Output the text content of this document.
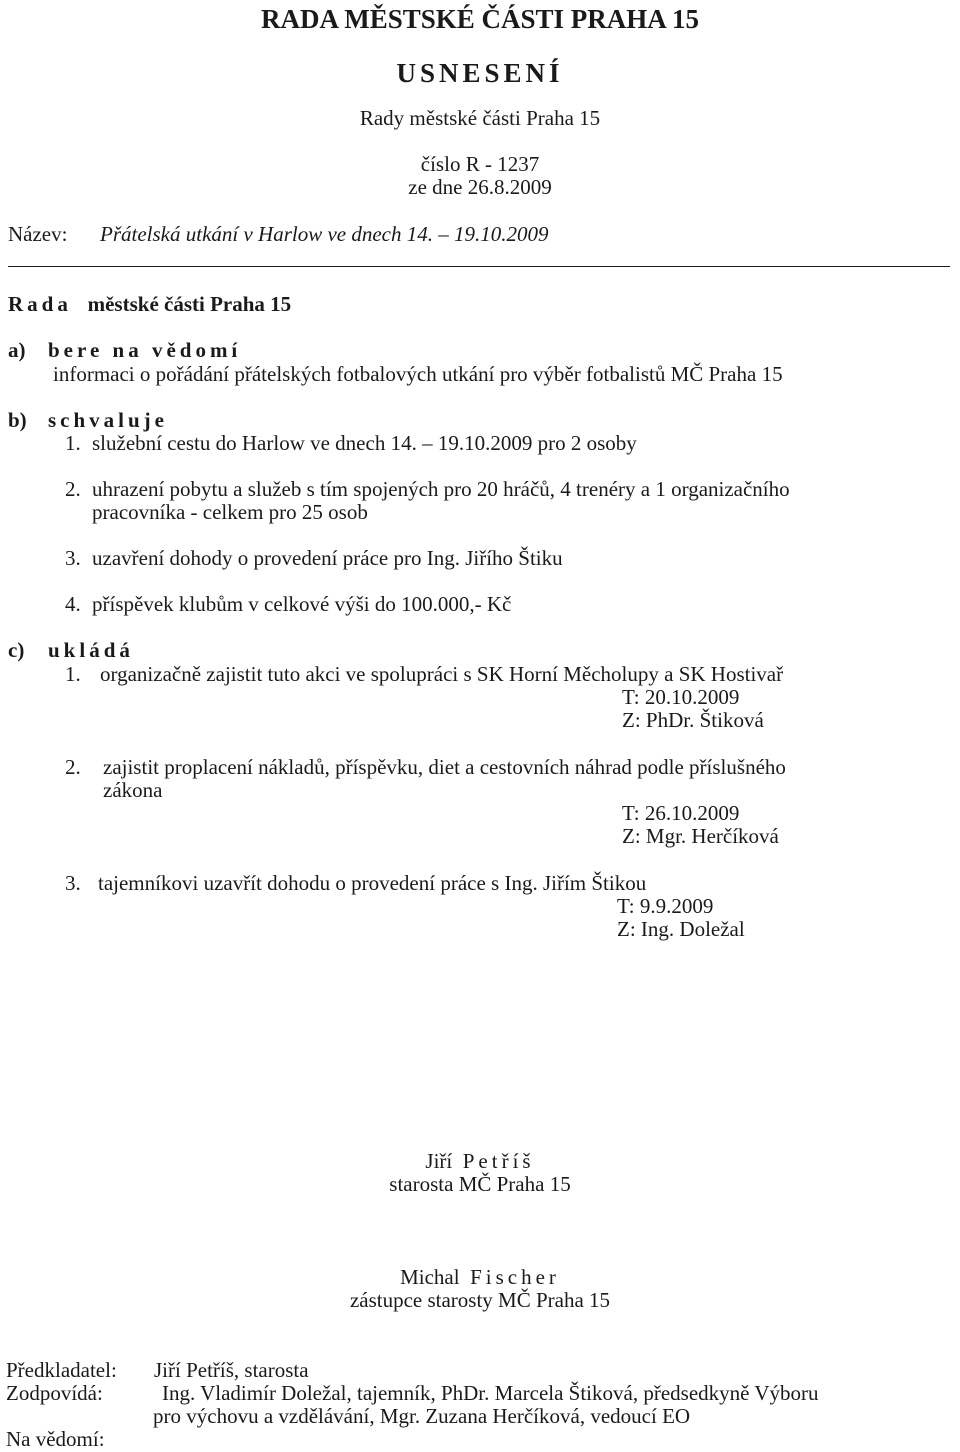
RADA MĚSTSKÉ ČÁSTI PRAHA 15
USNESENÍ
Rady městské části Praha 15
číslo R - 1237
ze dne 26.8.2009
Název: Přátelská utkání v Harlow ve dnech 14. – 19.10.2009
Rada městské části Praha 15
a) bere na vědomí
informaci o pořádání přátelských fotbalových utkání pro výběr fotbalistů MČ Praha 15
b) schvaluje
1. služební cestu do Harlow ve dnech 14. – 19.10.2009 pro 2 osoby
2. uhrazení pobytu a služeb s tím spojených pro 20 hráčů, 4 trenéry a 1 organizačního
pracovníka - celkem pro 25 osob
3. uzavření dohody o provedení práce pro Ing. Jiřího Štiku
4. příspěvek klubům v celkové výši do 100.000,- Kč
c) ukládá
1. organizačně zajistit tuto akci ve spolupráci s SK Horní Měcholupy a SK Hostivař
T: 20.10.2009
Z: PhDr. Štiková
2. zajistit proplacení nákladů, příspěvku, diet a cestovních náhrad podle příslušného
zákona
T: 26.10.2009
Z: Mgr. Herčíková
3. tajemníkovi uzavřít dohodu o provedení práce s Ing. Jiřím Štikou
T: 9.9.2009
Z: Ing. Doležal
Jiří Petříš
starosta MČ Praha 15
Michal Fischer
zástupce starosty MČ Praha 15
Předkladatel: Jiří Petříš, starosta
Zodpovídá:	Ing. Vladimír Doležal, tajemník, PhDr. Marcela Štiková, předsedkyně Výboru
pro výchovu a vzdělávání, Mgr. Zuzana Herčíková, vedoucí EO
Na vědomí:
